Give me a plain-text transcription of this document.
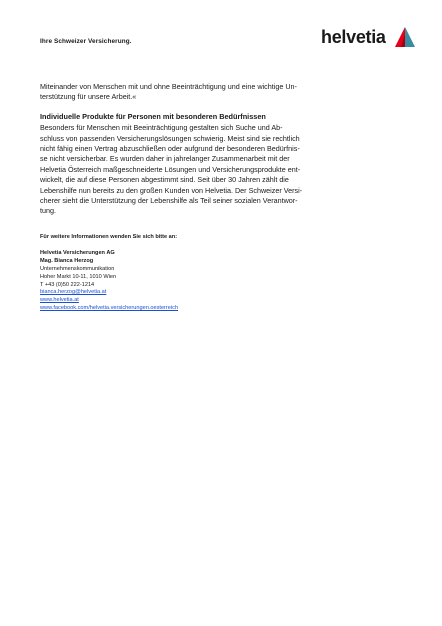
Ihre Schweizer Versicherung.	helvetia

Miteinander von Menschen mit und ohne Beeinträchtigung und eine wichtige Un-
terstützung für unsere Arbeit.«

Individuelle Produkte für Personen mit besonderen Bedürfnissen

Besonders für Menschen mit Beeinträchtigung gestalten sich Suche und Ab-
schluss von passenden Versicherungslösungen schwierig. Meist sind sie rechtlich
nicht fähig einen Vertrag abzuschließen oder aufgrund der besonderen Bedürfnis-
se nicht versicherbar. Es wurden daher in jahrelanger Zusammenarbeit mit der
Helvetia Österreich maßgeschneiderte Lösungen und Versicherungsprodukte ent-
wickelt, die auf diese Personen abgestimmt sind. Seit über 30 Jahren zählt die
Lebenshilfe nun bereits zu den großen Kunden von Helvetia. Der Schweizer Versi-
cherer sieht die Unterstützung der Lebenshilfe als Teil seiner sozialen Verantwor-
tung.

Für weitere Informationen wenden Sie sich bitte an:

Helvetia Versicherungen AG

Mag. Bianca Herzog

Unternehmenskommunikation

Hoher Markt 10-11, 1010 Wien

T +43 (0)50 222-1214

bianca.herzog@helvetia.at

www.helvetia.at

www.facebook.com/helvetia.versicherungen.oesterreich
